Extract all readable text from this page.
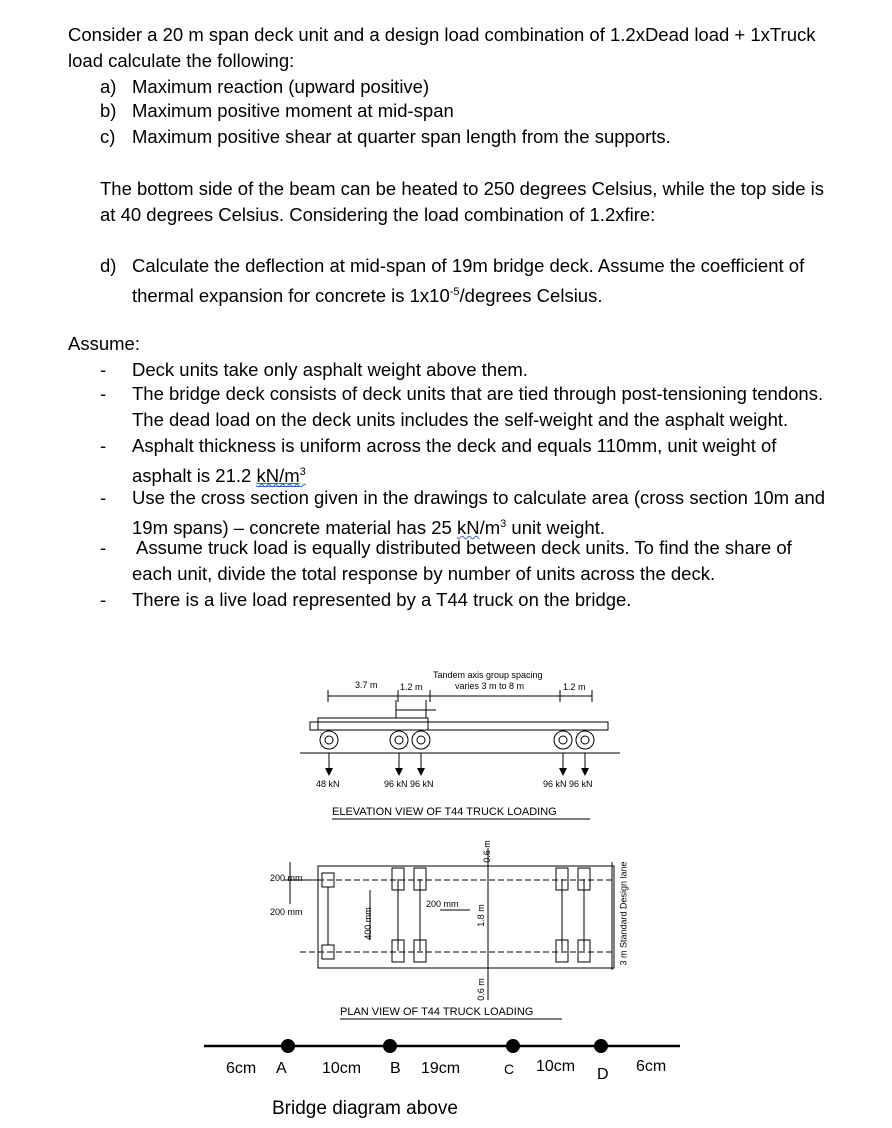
Consider a 20 m span deck unit and a design load combination of 1.2xDead load + 1xTruck
load calculate the following:
a) Maximum reaction (upward positive)
b) Maximum positive moment at mid-span
c) Maximum positive shear at quarter span length from the supports.
The bottom side of the beam can be heated to 250 degrees Celsius, while the top side is
at 40 degrees Celsius. Considering the load combination of 1.2xfire:
d) Calculate the deflection at mid-span of 19m bridge deck. Assume the coefficient of
thermal expansion for concrete is $1x10^{-5}$/degrees Celsius.
Assume:
- Deck units take only asphalt weight above them.
- The bridge deck consists of deck units that are tied through post-tensioning tendons.
The dead load on the deck units includes the self-weight and the asphalt weight.
- Asphalt thickness is uniform across the deck and equals 110mm, unit weight of
asphalt is 21.2 $kN/m^3$
- Use the cross section given in the drawings to calculate area (cross section 10m and
19m spans) – concrete material has 25 $kN/m^3$ unit weight.
- Assume truck load is equally distributed between deck units. To find the share of
each unit, divide the total response by number of units across the deck.
- There is a live load represented by a T44 truck on the bridge.
3.7 m 1.2 m
Tandem axis group spacing
varies 3 m to 8 m	1.2 m
48 kN	96 kN 96 kN	96 kN 96 kN
ELEVATION VIEW OF T44 TRUCK LOADING
0.6 m
200 mm
200 mm
200 mm
400 mm	1.8 m
0.6 m
3 m Standard Design lane
PLAN VIEW OF T44 TRUCK LOADING
6cm A 10cm B 19cm	C 10cm D 6cm
Bridge diagram above
